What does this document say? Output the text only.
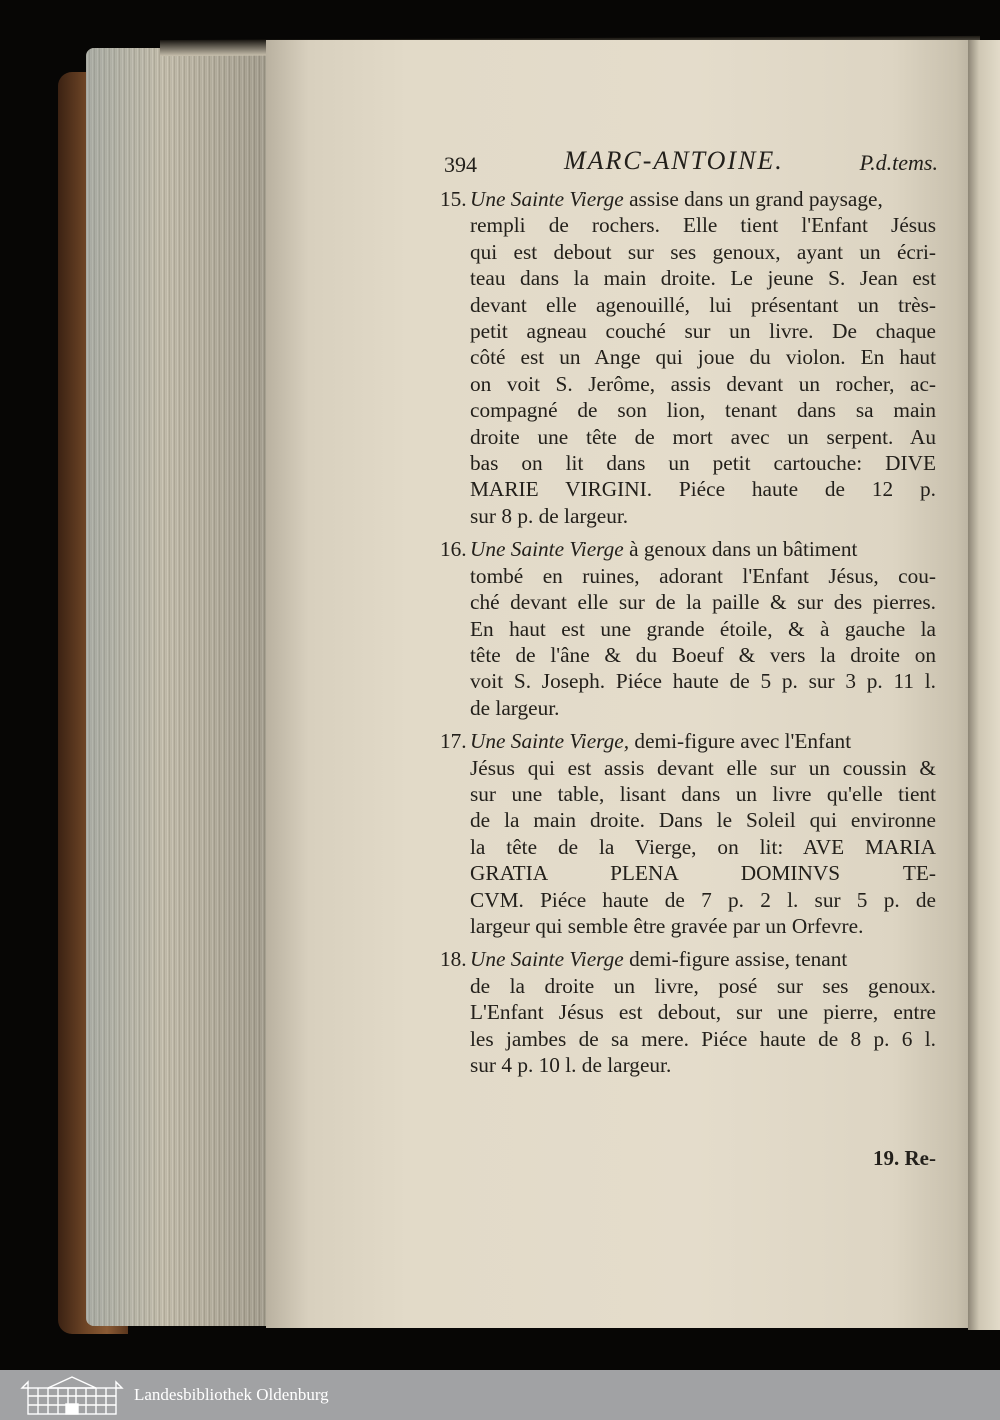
394	MARC-ANTOINE.	P.d.tems.
15. Une Sainte Vierge assise dans un grand paysage,
rempli de rochers. Elle tient l'Enfant Jésus
qui est debout sur ses genoux, ayant un écri-
teau dans la main droite. Le jeune S. Jean est
devant elle agenouillé, lui présentant un très-
petit agneau couché sur un livre. De chaque
côté est un Ange qui joue du violon. En haut
on voit S. Jerôme, assis devant un rocher, ac-
compagné de son lion, tenant dans sa main
droite une tête de mort avec un serpent. Au
bas on lit dans un petit cartouche: DIVE
MARIE VIRGINI. Piéce haute de 12 p.
sur 8 p. de largeur.
16. Une Sainte Vierge à genoux dans un bâtiment
tombé en ruines, adorant l'Enfant Jésus, cou-
ché devant elle sur de la paille & sur des pierres.
En haut est une grande étoile, & à gauche la
tête de l'âne & du Boeuf & vers la droite on
voit S. Joseph. Piéce haute de 5 p. sur 3 p. 11 l.
de largeur.
17. Une Sainte Vierge, demi-figure avec l'Enfant
Jésus qui est assis devant elle sur un coussin &
sur une table, lisant dans un livre qu'elle tient
de la main droite. Dans le Soleil qui environne
la tête de la Vierge, on lit: AVE MARIA
GRATIA PLENA DOMINVS TE-
CVM. Piéce haute de 7 p. 2 l. sur 5 p. de
largeur qui semble être gravée par un Orfevre.
18. Une Sainte Vierge demi-figure assise, tenant
de la droite un livre, posé sur ses genoux.
L'Enfant Jésus est debout, sur une pierre, entre
les jambes de sa mere. Piéce haute de 8 p. 6 l.
sur 4 p. 10 l. de largeur.
19. Re-
Landesbibliothek Oldenburg
